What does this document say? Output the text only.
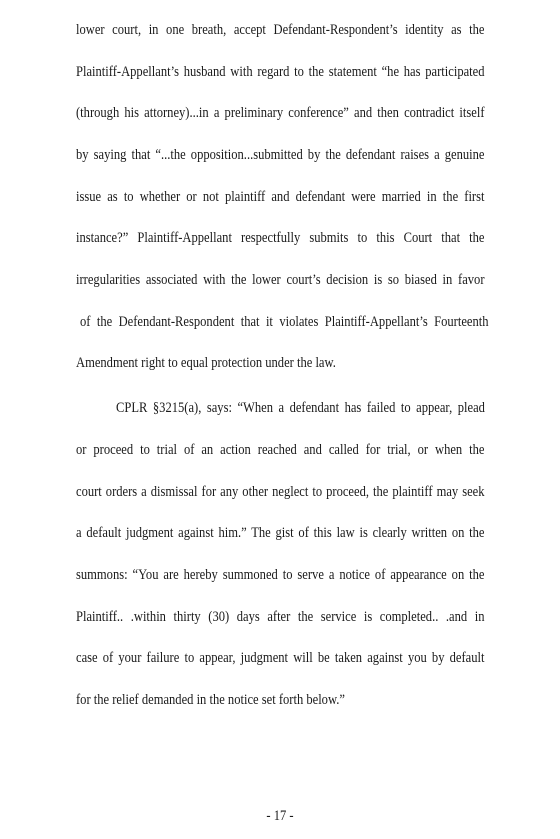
lower court, in one breath, accept Defendant-Respondent’s identity as the
Plaintiff-Appellant’s husband with regard to the statement “he has participated
(through his attorney)...in a preliminary conference” and then contradict itself
by saying that “...the opposition...submitted by the defendant raises a genuine
issue as to whether or not plaintiff and defendant were married in the first
instance?” Plaintiff-Appellant respectfully submits to this Court that the
irregularities associated with the lower court’s decision is so biased in favor
of the Defendant-Respondent that it violates Plaintiff-Appellant’s Fourteenth
Amendment right to equal protection under the law.
CPLR §3215(a), says: “When a defendant has failed to appear, plead
or proceed to trial of an action reached and called for trial, or when the
court orders a dismissal for any other neglect to proceed, the plaintiff may seek
a default judgment against him.” The gist of this law is clearly written on the
summons: “You are hereby summoned to serve a notice of appearance on the
Plaintiff.. .within thirty (30) days after the service is completed.. .and in
case of your failure to appear, judgment will be taken against you by default
for the relief demanded in the notice set forth below.”
- 17 -
